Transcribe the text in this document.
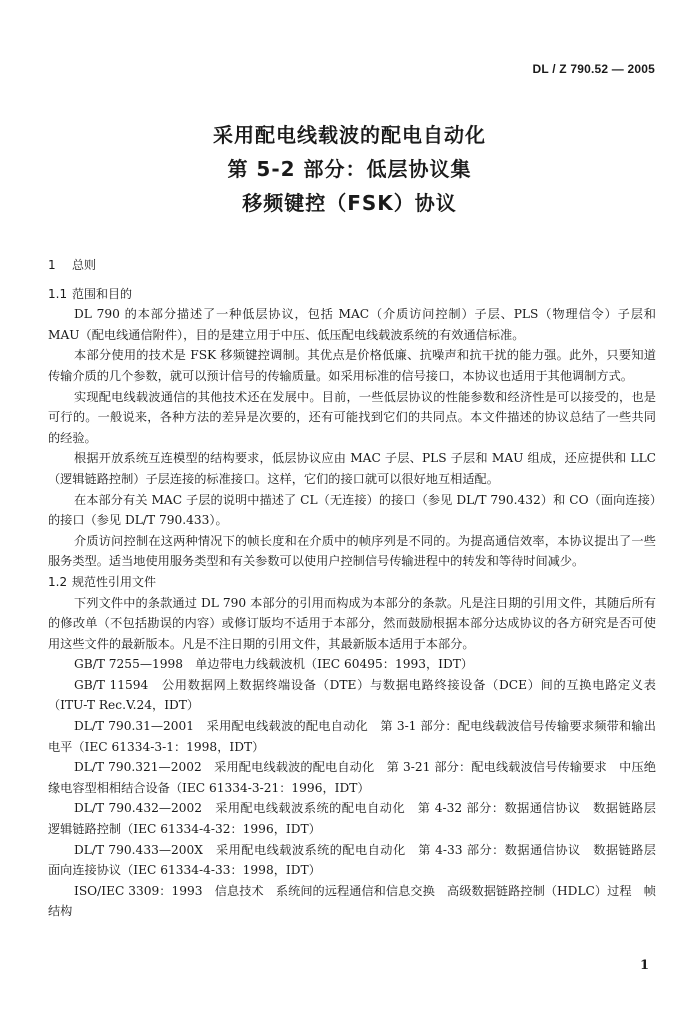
DL / Z 790.52 — 2005
采用配电线载波的配电自动化
第 5-2 部分：低层协议集
移频键控（FSK）协议
1 总则
1.1 范围和目的

DL 790 的本部分描述了一种低层协议，包括 MAC（介质访问控制）子层、PLS（物理信令）子层和 MAU（配电线通信附件），目的是建立用于中压、低压配电线载波系统的有效通信标准。

本部分使用的技术是 FSK 移频键控调制。其优点是价格低廉、抗噪声和抗干扰的能力强。此外，只要知道传输介质的几个参数，就可以预计信号的传输质量。如采用标准的信号接口，本协议也适用于其他调制方式。

实现配电线载波通信的其他技术还在发展中。目前，一些低层协议的性能参数和经济性是可以接受的，也是可行的。一般说来，各种方法的差异是次要的，还有可能找到它们的共同点。本文件描述的协议总结了一些共同的经验。

根据开放系统互连模型的结构要求，低层协议应由 MAC 子层、PLS 子层和 MAU 组成，还应提供和 LLC（逻辑链路控制）子层连接的标准接口。这样，它们的接口就可以很好地互相适配。

在本部分有关 MAC 子层的说明中描述了 CL（无连接）的接口（参见 DL/T 790.432）和 CO（面向连接）的接口（参见 DL/T 790.433）。

介质访问控制在这两种情况下的帧长度和在介质中的帧序列是不同的。为提高通信效率，本协议提出了一些服务类型。适当地使用服务类型和有关参数可以使用户控制信号传输进程中的转发和等待时间减少。

1.2 规范性引用文件

下列文件中的条款通过 DL 790 本部分的引用而构成为本部分的条款。凡是注日期的引用文件，其随后所有的修改单（不包括勘误的内容）或修订版均不适用于本部分，然而鼓励根据本部分达成协议的各方研究是否可使用这些文件的最新版本。凡是不注日期的引用文件，其最新版本适用于本部分。

GB/T 7255—1998　单边带电力线载波机（IEC 60495：1993，IDT）

GB/T 11594　公用数据网上数据终端设备（DTE）与数据电路终接设备（DCE）间的互换电路定义表（ITU-T Rec.V.24，IDT）

DL/T 790.31—2001　采用配电线载波的配电自动化　第 3-1 部分：配电线载波信号传输要求频带和输出电平（IEC 61334-3-1：1998，IDT）

DL/T 790.321—2002　采用配电线载波的配电自动化　第 3-21 部分：配电线载波信号传输要求　中压绝缘电容型相相结合设备（IEC 61334-3-21：1996，IDT）

DL/T 790.432—2002　采用配电线载波系统的配电自动化　第 4-32 部分：数据通信协议　数据链路层　逻辑链路控制（IEC 61334-4-32：1996，IDT）

DL/T 790.433—200X　采用配电线载波系统的配电自动化　第 4-33 部分：数据通信协议　数据链路层　面向连接协议（IEC 61334-4-33：1998，IDT）

ISO/IEC 3309：1993　信息技术　系统间的远程通信和信息交换　高级数据链路控制（HDLC）过程　帧结构

1
